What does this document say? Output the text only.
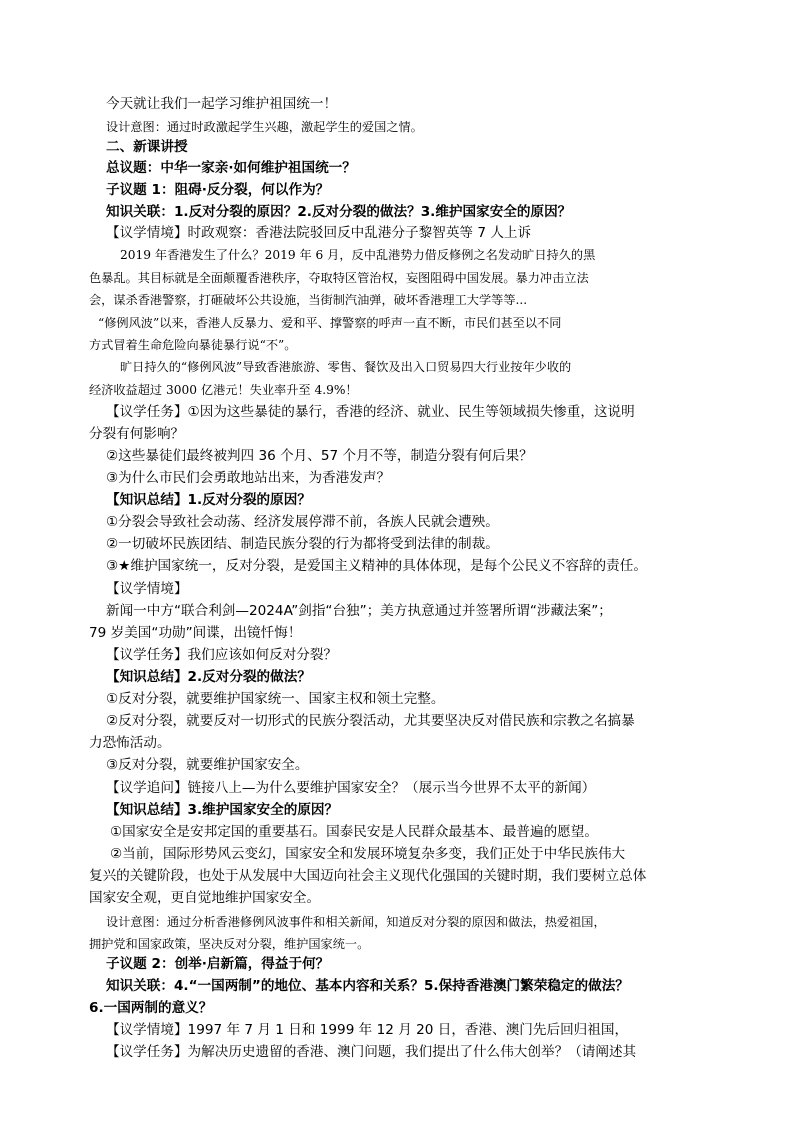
今天就让我们一起学习维护祖国统一！
设计意图：通过时政激起学生兴趣，激起学生的爱国之情。
二、新课讲授
总议题：中华一家亲·如何维护祖国统一？
子议题 1：阻碍·反分裂，何以作为？
知识关联：1.反对分裂的原因？2.反对分裂的做法？3.维护国家安全的原因？
【议学情境】时政观察：香港法院驳回反中乱港分子黎智英等 7 人上诉
2019 年香港发生了什么？2019 年 6 月，反中乱港势力借反修例之名发动旷日持久的黑
色暴乱。其目标就是全面颠覆香港秩序，夺取特区管治权，妄图阻碍中国发展。暴力冲击立法
会，谋杀香港警察，打砸破坏公共设施，当街制汽油弹，破坏香港理工大学等等...
“修例风波”以来，香港人反暴力、爱和平、撑警察的呼声一直不断，市民们甚至以不同
方式冒着生命危险向暴徒暴行说“不”。
旷日持久的“修例风波”导致香港旅游、零售、餐饮及出入口贸易四大行业按年少收的
经济收益超过 3000 亿港元！失业率升至 4.9%！
【议学任务】①因为这些暴徒的暴行，香港的经济、就业、民生等领域损失惨重，这说明
分裂有何影响？
②这些暴徒们最终被判四 36 个月、57 个月不等，制造分裂有何后果？
③为什么市民们会勇敢地站出来，为香港发声？
【知识总结】1.反对分裂的原因？
①分裂会导致社会动荡、经济发展停滞不前，各族人民就会遭殃。
②一切破坏民族团结、制造民族分裂的行为都将受到法律的制裁。
③★维护国家统一，反对分裂，是爱国主义精神的具体体现，是每个公民义不容辞的责任。
【议学情境】
新闻一中方“联合利剑—2024A”剑指“台独”；美方执意通过并签署所谓“涉藏法案”；
79 岁美国“功勋”间谍，出镜忏悔！
【议学任务】我们应该如何反对分裂？
【知识总结】2.反对分裂的做法？
①反对分裂，就要维护国家统一、国家主权和领土完整。
②反对分裂，就要反对一切形式的民族分裂活动，尤其要坚决反对借民族和宗教之名搞暴
力恐怖活动。
③反对分裂，就要维护国家安全。
【议学追问】链接八上—为什么要维护国家安全？（展示当今世界不太平的新闻）
【知识总结】3.维护国家安全的原因？
①国家安全是安邦定国的重要基石。国泰民安是人民群众最基本、最普遍的愿望。
②当前，国际形势风云变幻，国家安全和发展环境复杂多变，我们正处于中华民族伟大
复兴的关键阶段，也处于从发展中大国迈向社会主义现代化强国的关键时期，我们要树立总体
国家安全观，更自觉地维护国家安全。
设计意图：通过分析香港修例风波事件和相关新闻，知道反对分裂的原因和做法，热爱祖国，
拥护党和国家政策，坚决反对分裂，维护国家统一。
子议题 2：创举·启新篇，得益于何？
知识关联：4.“一国两制”的地位、基本内容和关系？5.保持香港澳门繁荣稳定的做法？
6.一国两制的意义？
【议学情境】1997 年 7 月 1 日和 1999 年 12 月 20 日，香港、澳门先后回归祖国，
【议学任务】为解决历史遗留的香港、澳门问题，我们提出了什么伟大创举？（请阐述其
